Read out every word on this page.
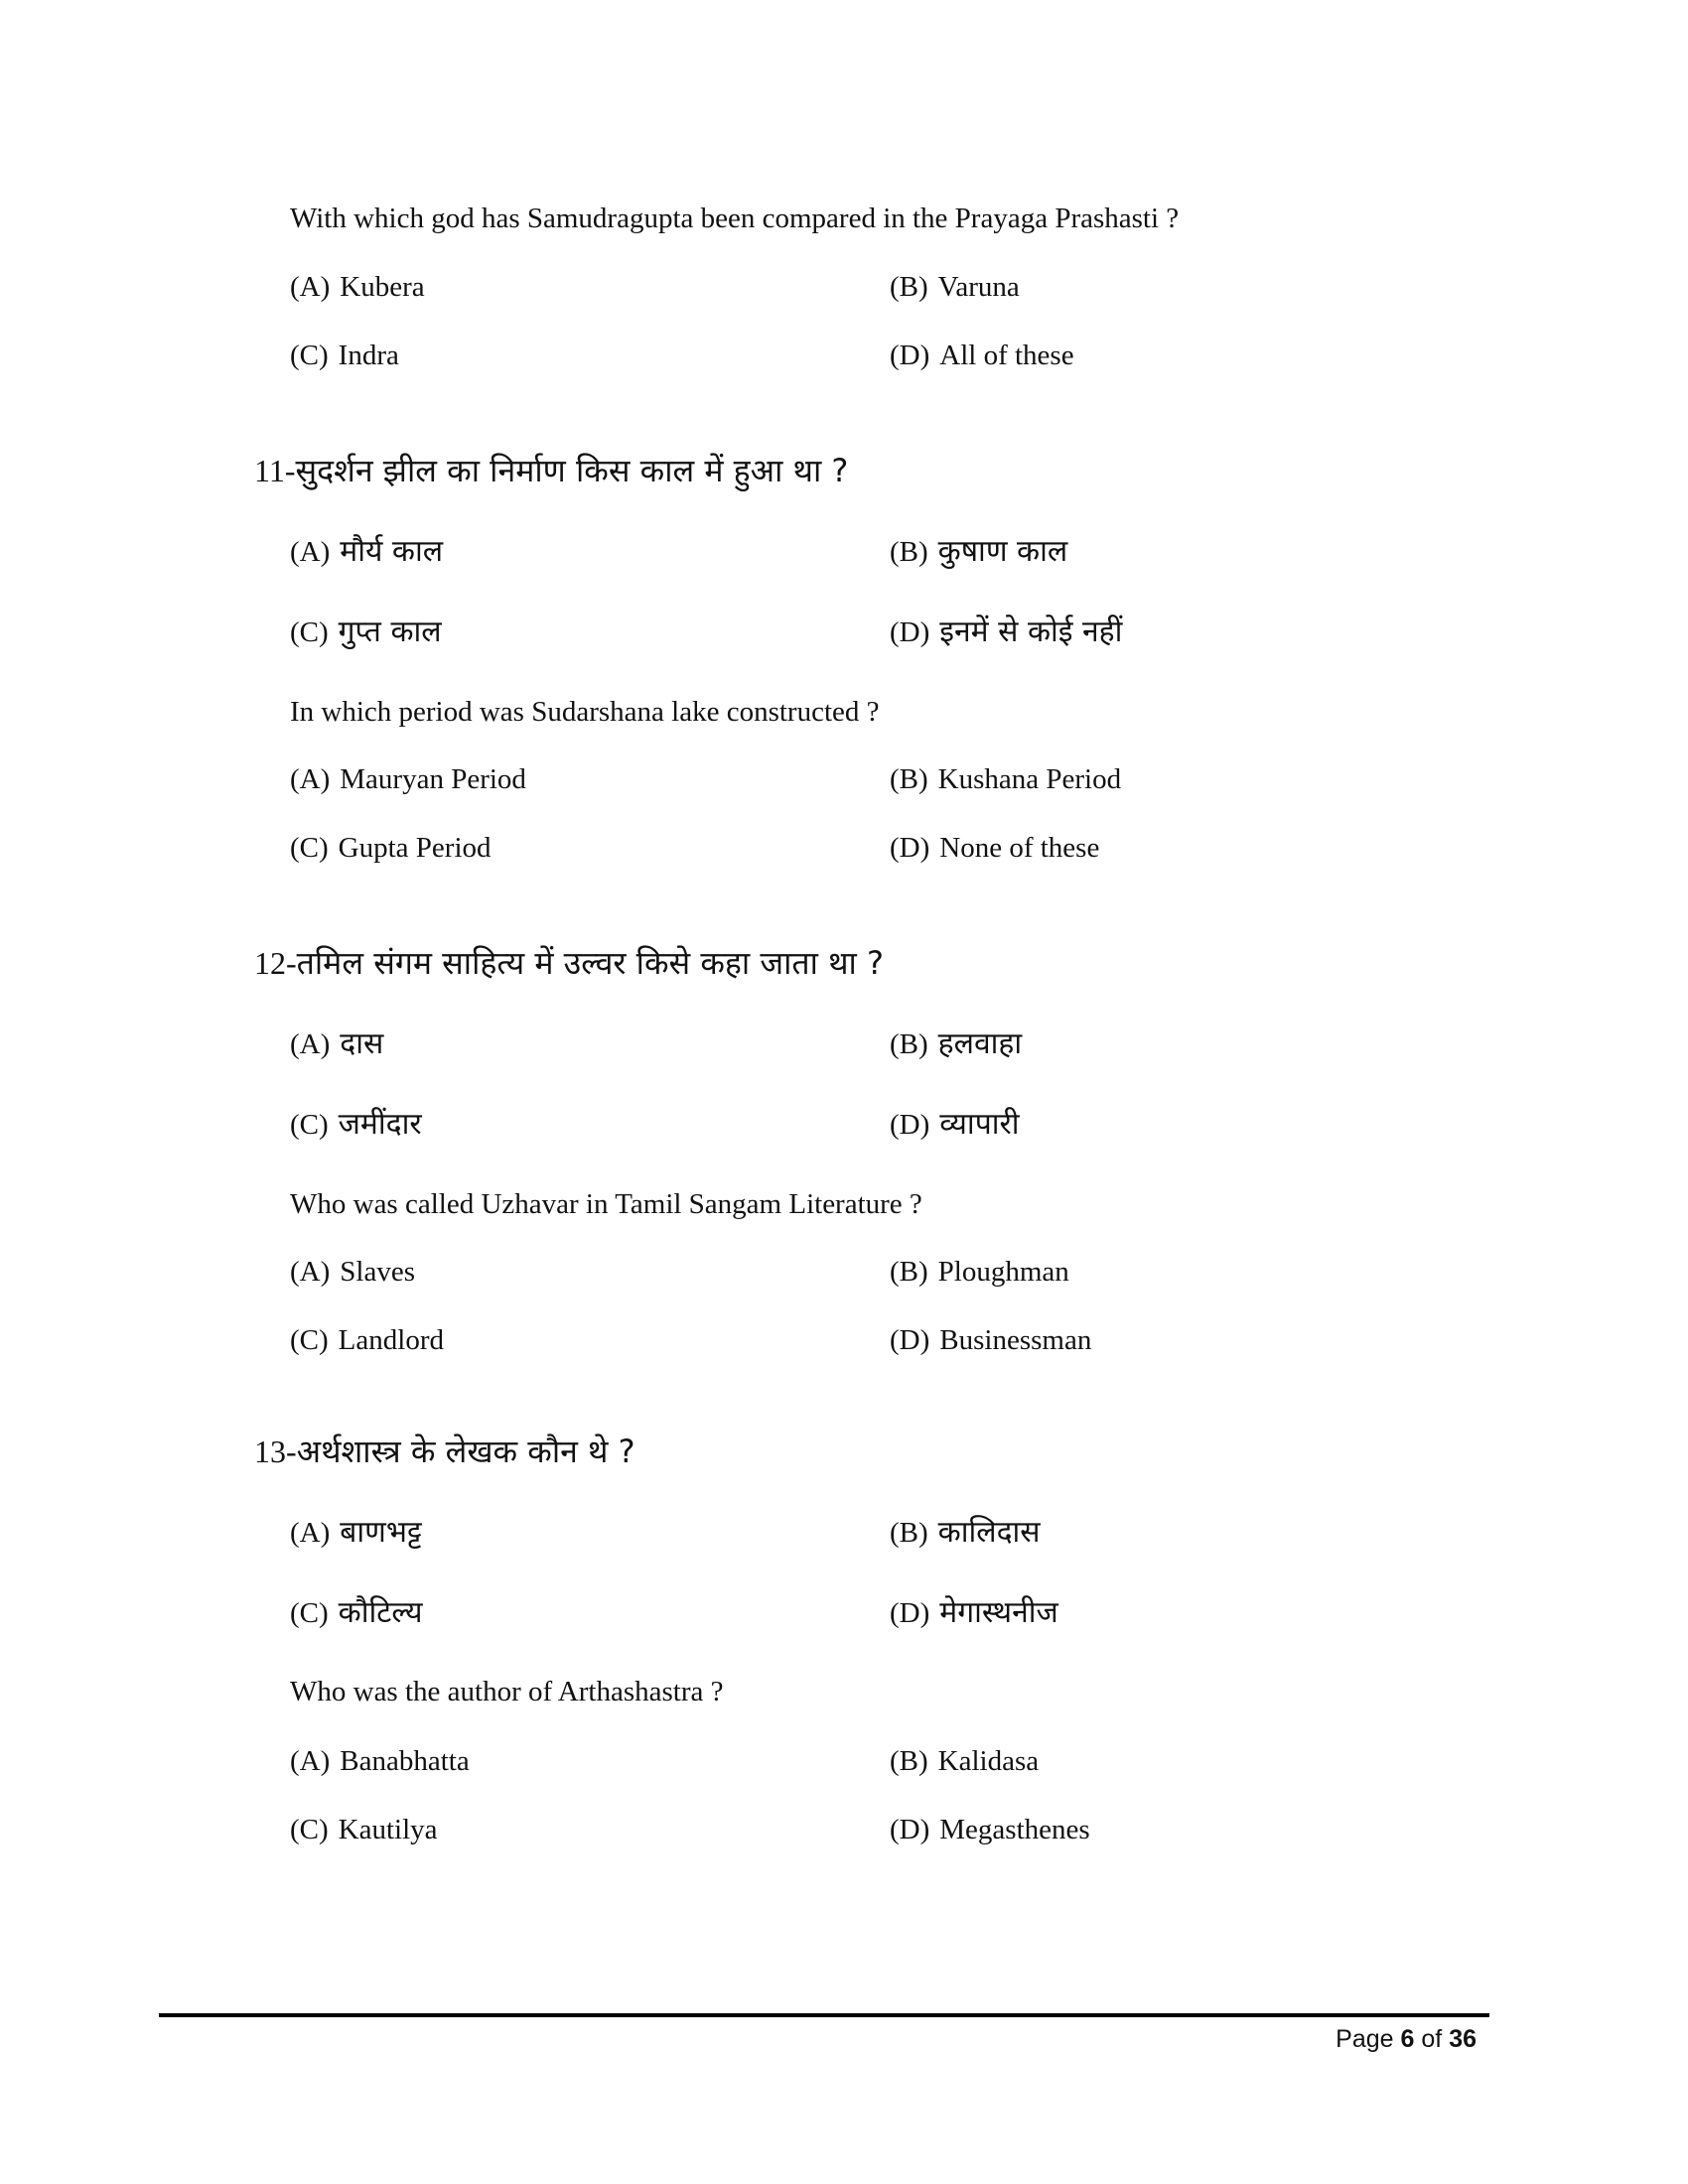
With which god has Samudragupta been compared in the Prayaga Prashasti ?
(A) Kubera	(B) Varuna
(C) Indra	(D) All of these
11-सुदर्शन झील का निर्माण किस काल में हुआ था ?
(A) मौर्य काल	(B) कुषाण काल
(C) गुप्त काल	(D) इनमें से कोई नहीं
In which period was Sudarshana lake constructed ?
(A) Mauryan Period	(B) Kushana Period
(C) Gupta Period	(D) None of these
12-तमिल संगम साहित्य में उल्वर किसे कहा जाता था ?
(A) दास	(B) हलवाहा
(C) जमींदार	(D) व्यापारी
Who was called Uzhavar in Tamil Sangam Literature ?
(A) Slaves	(B) Ploughman
(C) Landlord	(D) Businessman
13-अर्थशास्त्र के लेखक कौन थे ?
(A) बाणभट्ट	(B) कालिदास
(C) कौटिल्य	(D) मेगास्थनीज
Who was the author of Arthashastra ?
(A) Banabhatta	(B) Kalidasa
(C) Kautilya	(D) Megasthenes
Page 6 of 36
